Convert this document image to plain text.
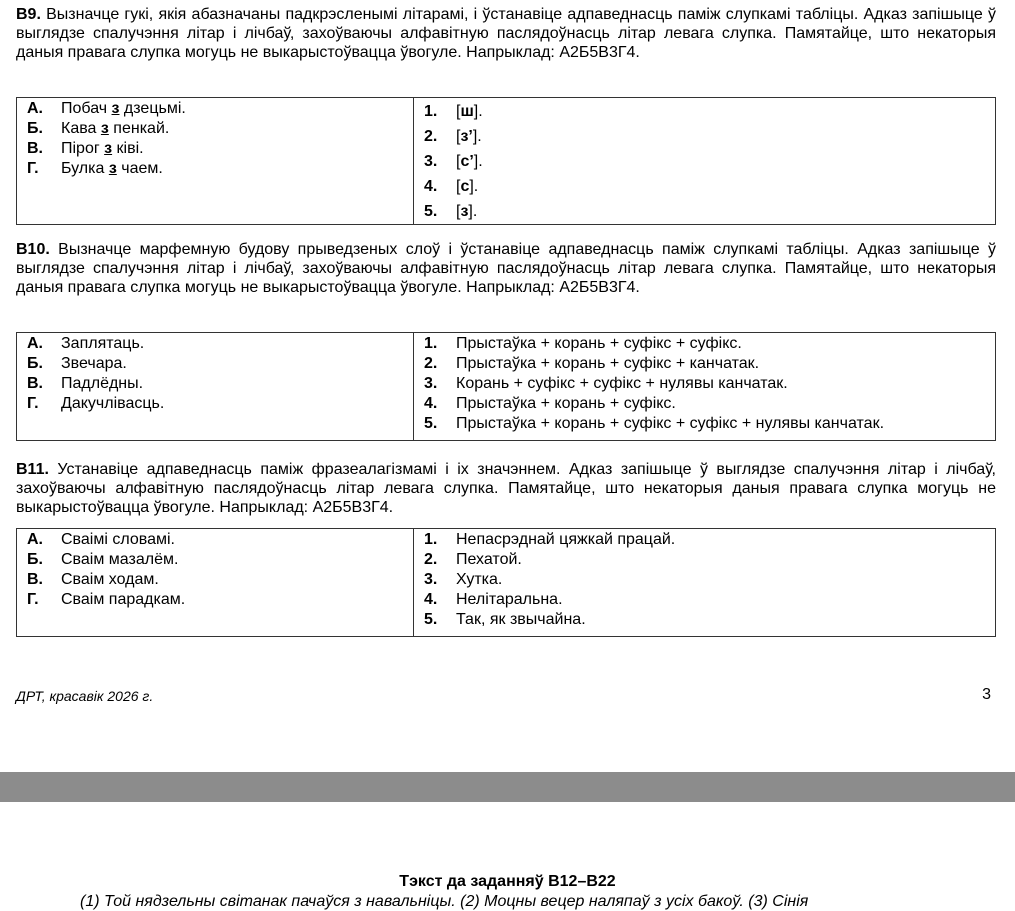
В9. Вызначце гукі, якія абазначаны падкрэсленымі літарамі, і ўстанавіце адпаведнасць паміж слупкамі табліцы. Адказ запішыце ў выглядзе спалучэння літар і лічбаў, захоўваючы алфавітную паслядоўнасць літар левага слупка. Памятайце, што некаторыя даныя правага слупка могуць не выкарыстоўвацца ўвогуле. Напрыклад: А2Б5В3Г4.
А.	Побач з дзецьмі.
Б.	Кава з пенкай.
В.	Пірог з ківі.
Г.	Булка з чаем.

1.	[ш].
2.	[з’].
3.	[с’].
4.	[с].
5.	[з].
В10. Вызначце марфемную будову прыведзеных слоў і ўстанавіце адпаведнасць паміж слупкамі табліцы. Адказ запішыце ў выглядзе спалучэння літар і лічбаў, захоўваючы алфавітную паслядоўнасць літар левага слупка. Памятайце, што некаторыя даныя правага слупка могуць не выкарыстоўвацца ўвогуле. Напрыклад: А2Б5В3Г4.
А.	Заплятаць.
Б.	Звечара.
В.	Падлёдны.
Г.	Дакучлівасць.

1.	Прыстаўка + корань + суфікс + суфікс.
2.	Прыстаўка + корань + суфікс + канчатак.
3.	Корань + суфікс + суфікс + нулявы канчатак.
4.	Прыстаўка + корань + суфікс.
5.	Прыстаўка + корань + суфікс + суфікс + нулявы канчатак.
В11. Устанавіце адпаведнасць паміж фразеалагізмамі і іх значэннем. Адказ запішыце ў выглядзе спалучэння літар і лічбаў, захоўваючы алфавітную паслядоўнасць літар левага слупка. Памятайце, што некаторыя даныя правага слупка могуць не выкарыстоўвацца ўвогуле. Напрыклад: А2Б5В3Г4.
А.	Сваімі словамі.
Б.	Сваім мазалём.
В.	Сваім ходам.
Г.	Сваім парадкам.

1.	Непасрэднай цяжкай працай.
2.	Пехатой.
3.	Хутка.
4.	Нелітаральна.
5.	Так, як звычайна.
ДРТ, красавік 2026 г.	3
Тэкст да заданняў В12–В22
(1) Той нядзельны світанак пачаўся з навальніцы. (2) Моцны вецер наляпаў з усіх бакоў. (3) Сінія
